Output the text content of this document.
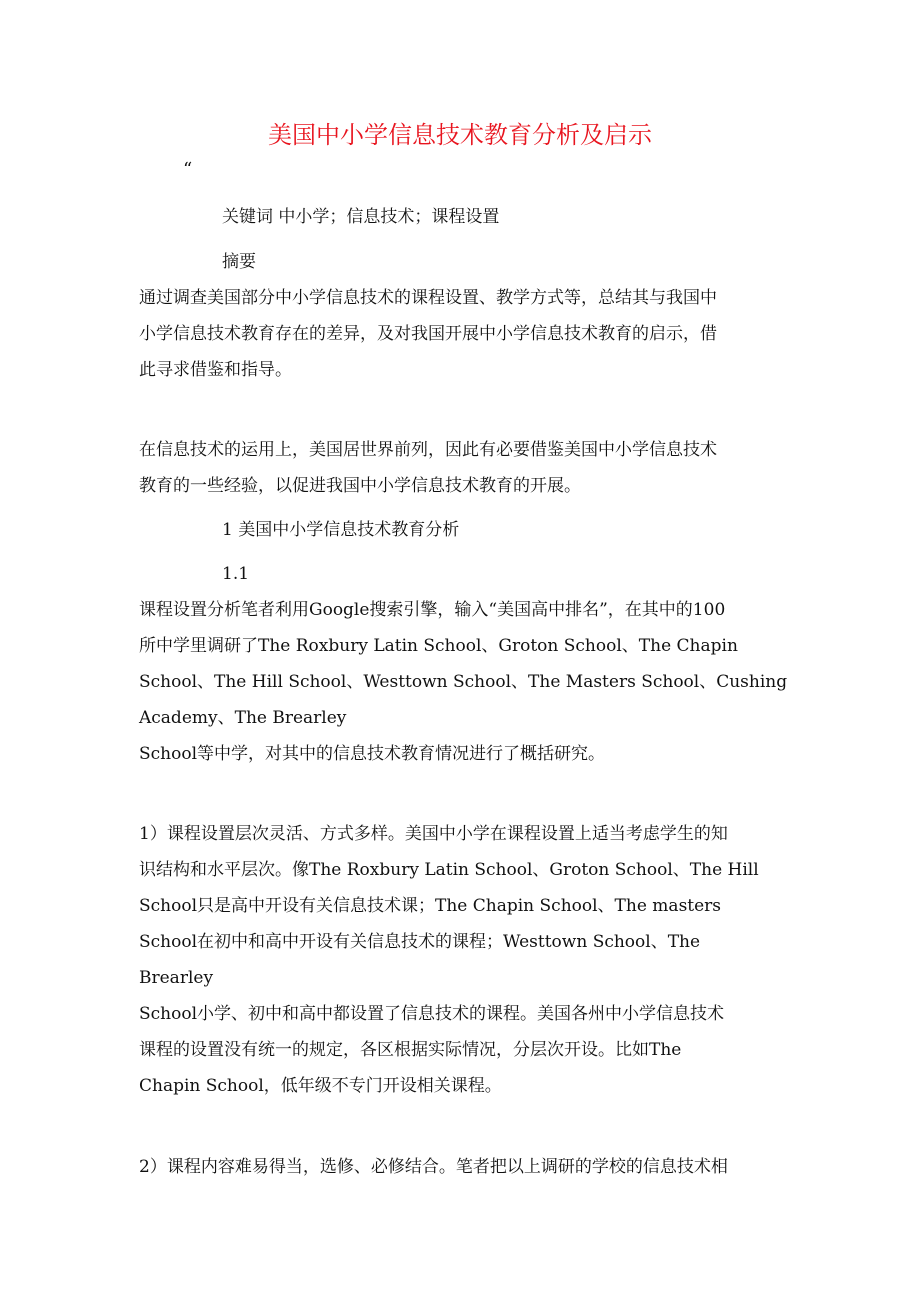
美国中小学信息技术教育分析及启示
“
关键词 中小学；信息技术；课程设置
摘要
通过调查美国部分中小学信息技术的课程设置、教学方式等，总结其与我国中
小学信息技术教育存在的差异，及对我国开展中小学信息技术教育的启示，借
此寻求借鉴和指导。
在信息技术的运用上，美国居世界前列，因此有必要借鉴美国中小学信息技术
教育的一些经验，以促进我国中小学信息技术教育的开展。
1 美国中小学信息技术教育分析
1.1
课程设置分析笔者利用Google搜索引擎，输入“美国高中排名”，在其中的100
所中学里调研了The Roxbury Latin School、Groton School、The Chapin
School、The Hill School、Westtown School、The Masters School、Cushing
Academy、The Brearley
School等中学，对其中的信息技术教育情况进行了概括研究。
1）课程设置层次灵活、方式多样。美国中小学在课程设置上适当考虑学生的知
识结构和水平层次。像The Roxbury Latin School、Groton School、The Hill
School只是高中开设有关信息技术课；The Chapin School、The masters
School在初中和高中开设有关信息技术的课程；Westtown School、The
Brearley
School小学、初中和高中都设置了信息技术的课程。美国各州中小学信息技术
课程的设置没有统一的规定，各区根据实际情况，分层次开设。比如The
Chapin School，低年级不专门开设相关课程。
2）课程内容难易得当，选修、必修结合。笔者把以上调研的学校的信息技术相
